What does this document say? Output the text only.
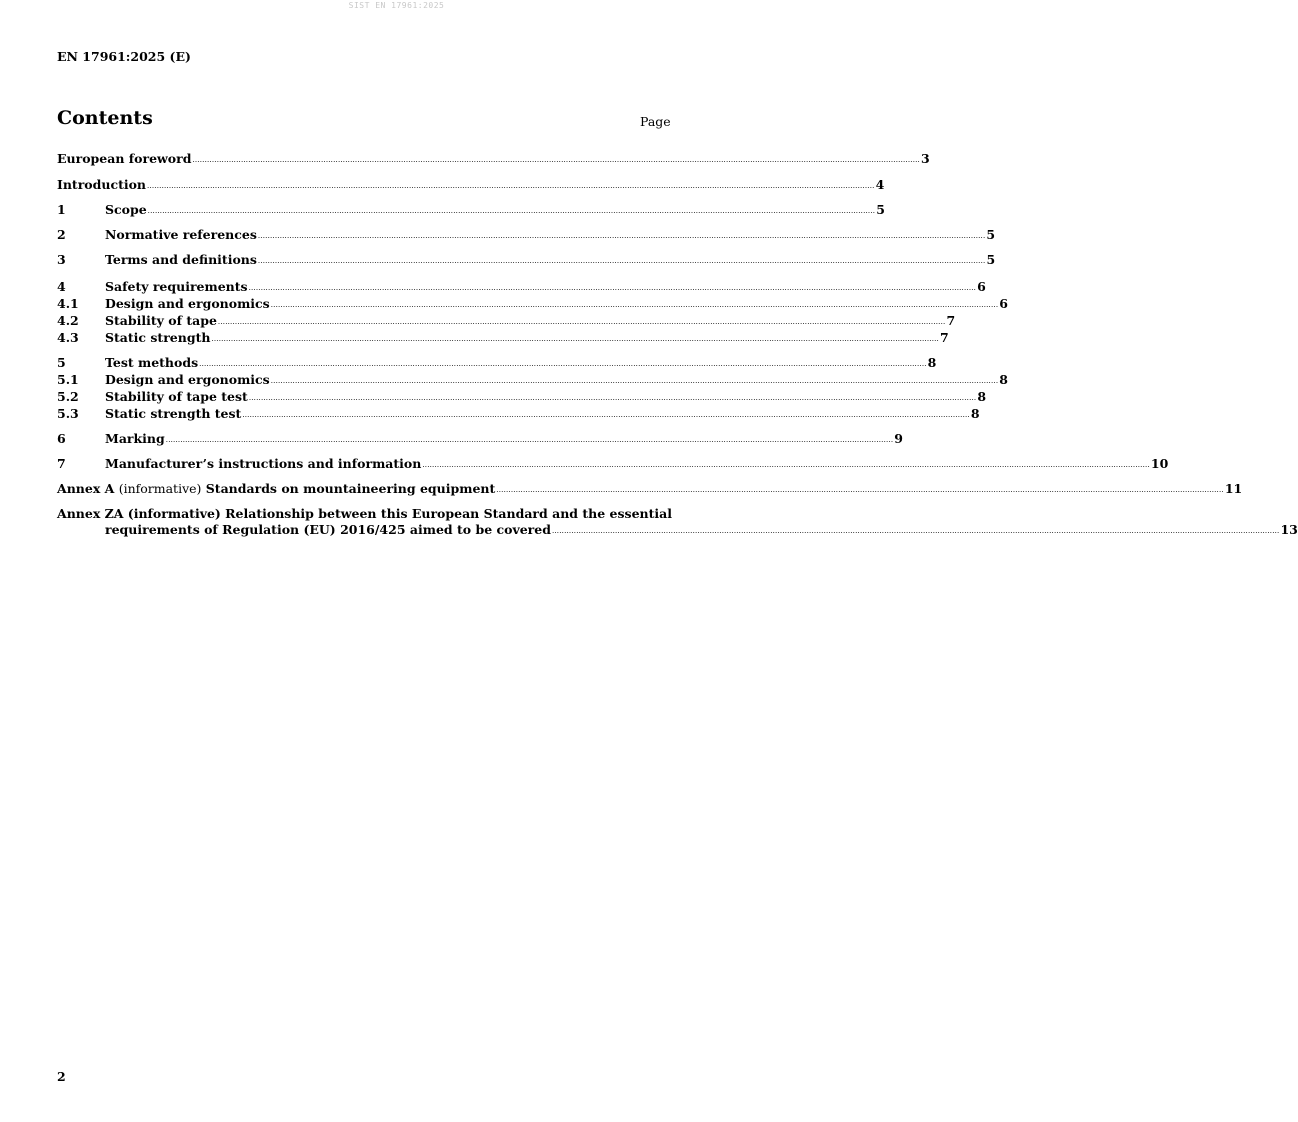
SIST EN 17961:2025
EN 17961:2025 (E)
Contents	Page
European foreword ............................................................................................................................................................................................................................................................................................................ 3
Introduction ............................................................................................................................................................................................................................................................................................................ 4
1	Scope ............................................................................................................................................................................................................................................................................................................ 5
2	Normative references ............................................................................................................................................................................................................................................................................................................ 5
3	Terms and definitions ............................................................................................................................................................................................................................................................................................................ 5
4	Safety requirements ............................................................................................................................................................................................................................................................................................................ 6
4.1	Design and ergonomics ............................................................................................................................................................................................................................................................................................................ 6
4.2	Stability of tape ............................................................................................................................................................................................................................................................................................................ 7
4.3	Static strength ............................................................................................................................................................................................................................................................................................................ 7
5	Test methods ............................................................................................................................................................................................................................................................................................................ 8
5.1	Design and ergonomics ............................................................................................................................................................................................................................................................................................................ 8
5.2	Stability of tape test ............................................................................................................................................................................................................................................................................................................ 8
5.3	Static strength test ............................................................................................................................................................................................................................................................................................................ 8
6	Marking ............................................................................................................................................................................................................................................................................................................ 9
7	Manufacturer’s instructions and information ............................................................................................................................................................................................................................................................................................................ 10
Annex A (informative) Standards on mountaineering equipment ............................................................................................................................................................................................................................................................................................................ 11
Annex ZA (informative) Relationship between this European Standard and the essential
requirements of Regulation (EU) 2016/425 aimed to be covered ............................................................................................................................................................................................................................................................................................................ 13
2
